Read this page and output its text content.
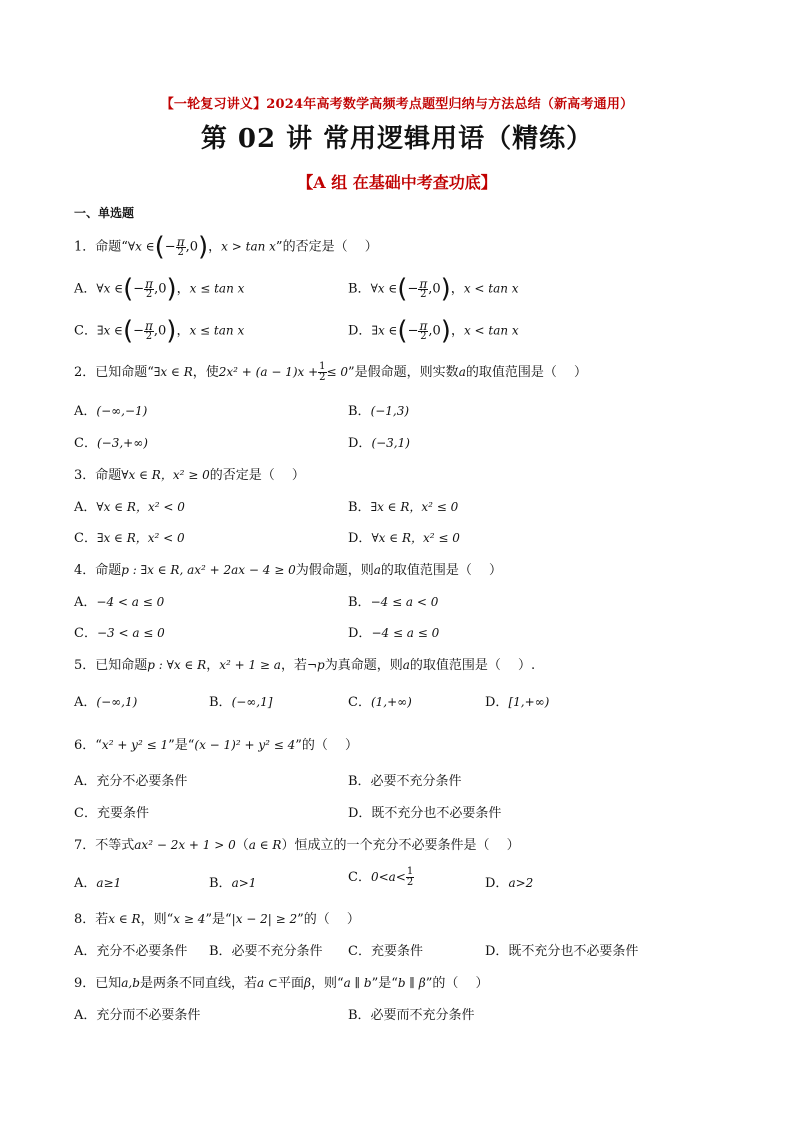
【一轮复习讲义】2024年高考数学高频考点题型归纳与方法总结（新高考通用）
第 02 讲 常用逻辑用语（精练）
【A 组 在基础中考查功底】
一、单选题
1．命题“∀x ∈(− $\frac{\pi}{2} ,0$)，x > tan x”的否定是（　 ）
A．∀x ∈(− $\frac{\pi}{2} ,0$)，x ≤ tan x	B．∀x ∈(− $\frac{\pi}{2} ,0$)，x < tan x
C．∃x ∈(− $\frac{\pi}{2} ,0$)，x ≤ tan x	D．∃x ∈(− $\frac{\pi}{2} ,0$)，x < tan x
2．已知命题“∃x ∈ R，使$2x^2 + (a - 1)x + \frac{1}{2} \le 0$”是假命题，则实数a的取值范围是（　 ）
A．(−∞,−1)	B．(−1,3)
C．(−3,+∞)	D．(−3,1)
3．命题∀x ∈ R，x² ≥ 0的否定是（　 ）
A．∀x ∈ R，x² < 0	B．∃x ∈ R，x² ≤ 0
C．∃x ∈ R，x² < 0	D．∀x ∈ R，x² ≤ 0
4．命题p : ∃x ∈ R, ax² + 2ax − 4 ≥ 0为假命题，则a的取值范围是（　 ）
A．−4 < a ≤ 0	B．−4 ≤ a < 0
C．−3 < a ≤ 0	D．−4 ≤ a ≤ 0
5．已知命题p : ∀x ∈ R，x² + 1 ≥ a，若¬p为真命题，则a的取值范围是（　 ）.
A．(−∞,1)	B．(−∞,1]	C．(1,+∞)	D．[1,+∞)
6．“x² + y² ≤ 1”是“(x − 1)² + y² ≤ 4”的（　 ）
A．充分不必要条件	B．必要不充分条件
C．充要条件	D．既不充分也不必要条件
7．不等式ax² − 2x + 1 > 0（a ∈ R）恒成立的一个充分不必要条件是（　 ）
A．a≥1	B．a>1	C．$0<a< \frac{1}{2}$	D．a>2
8．若x ∈ R，则“x ≥ 4”是“|x − 2| ≥ 2”的（　 ）
A．充分不必要条件 B．必要不充分条件 C．充要条件	D．既不充分也不必要条件
9．已知a,b是两条不同直线，若a ⊂平面β，则“a ∥ b”是“b ∥ β”的（　 ）
A．充分而不必要条件	B．必要而不充分条件
